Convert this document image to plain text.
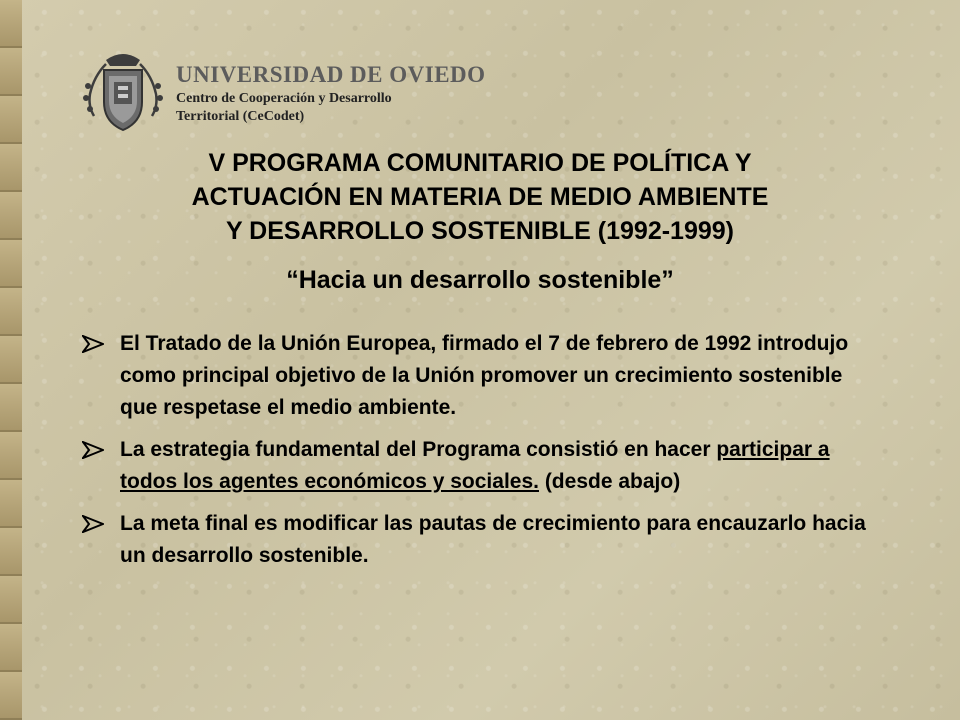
UNIVERSIDAD DE OVIEDO
Centro de Cooperación y Desarrollo
Territorial (CeCodet)
V PROGRAMA COMUNITARIO DE POLÍTICA Y
ACTUACIÓN EN MATERIA DE MEDIO AMBIENTE
Y DESARROLLO SOSTENIBLE (1992-1999)
“Hacia un desarrollo sostenible”
El Tratado de la Unión Europea, firmado el 7 de febrero de 1992 introdujo como principal objetivo de la Unión promover un crecimiento sostenible que respetase el medio ambiente.
La estrategia fundamental del Programa consistió en hacer participar a todos los agentes económicos y sociales. (desde abajo)
La meta final es modificar las pautas de crecimiento para encauzarlo hacia un desarrollo sostenible.
